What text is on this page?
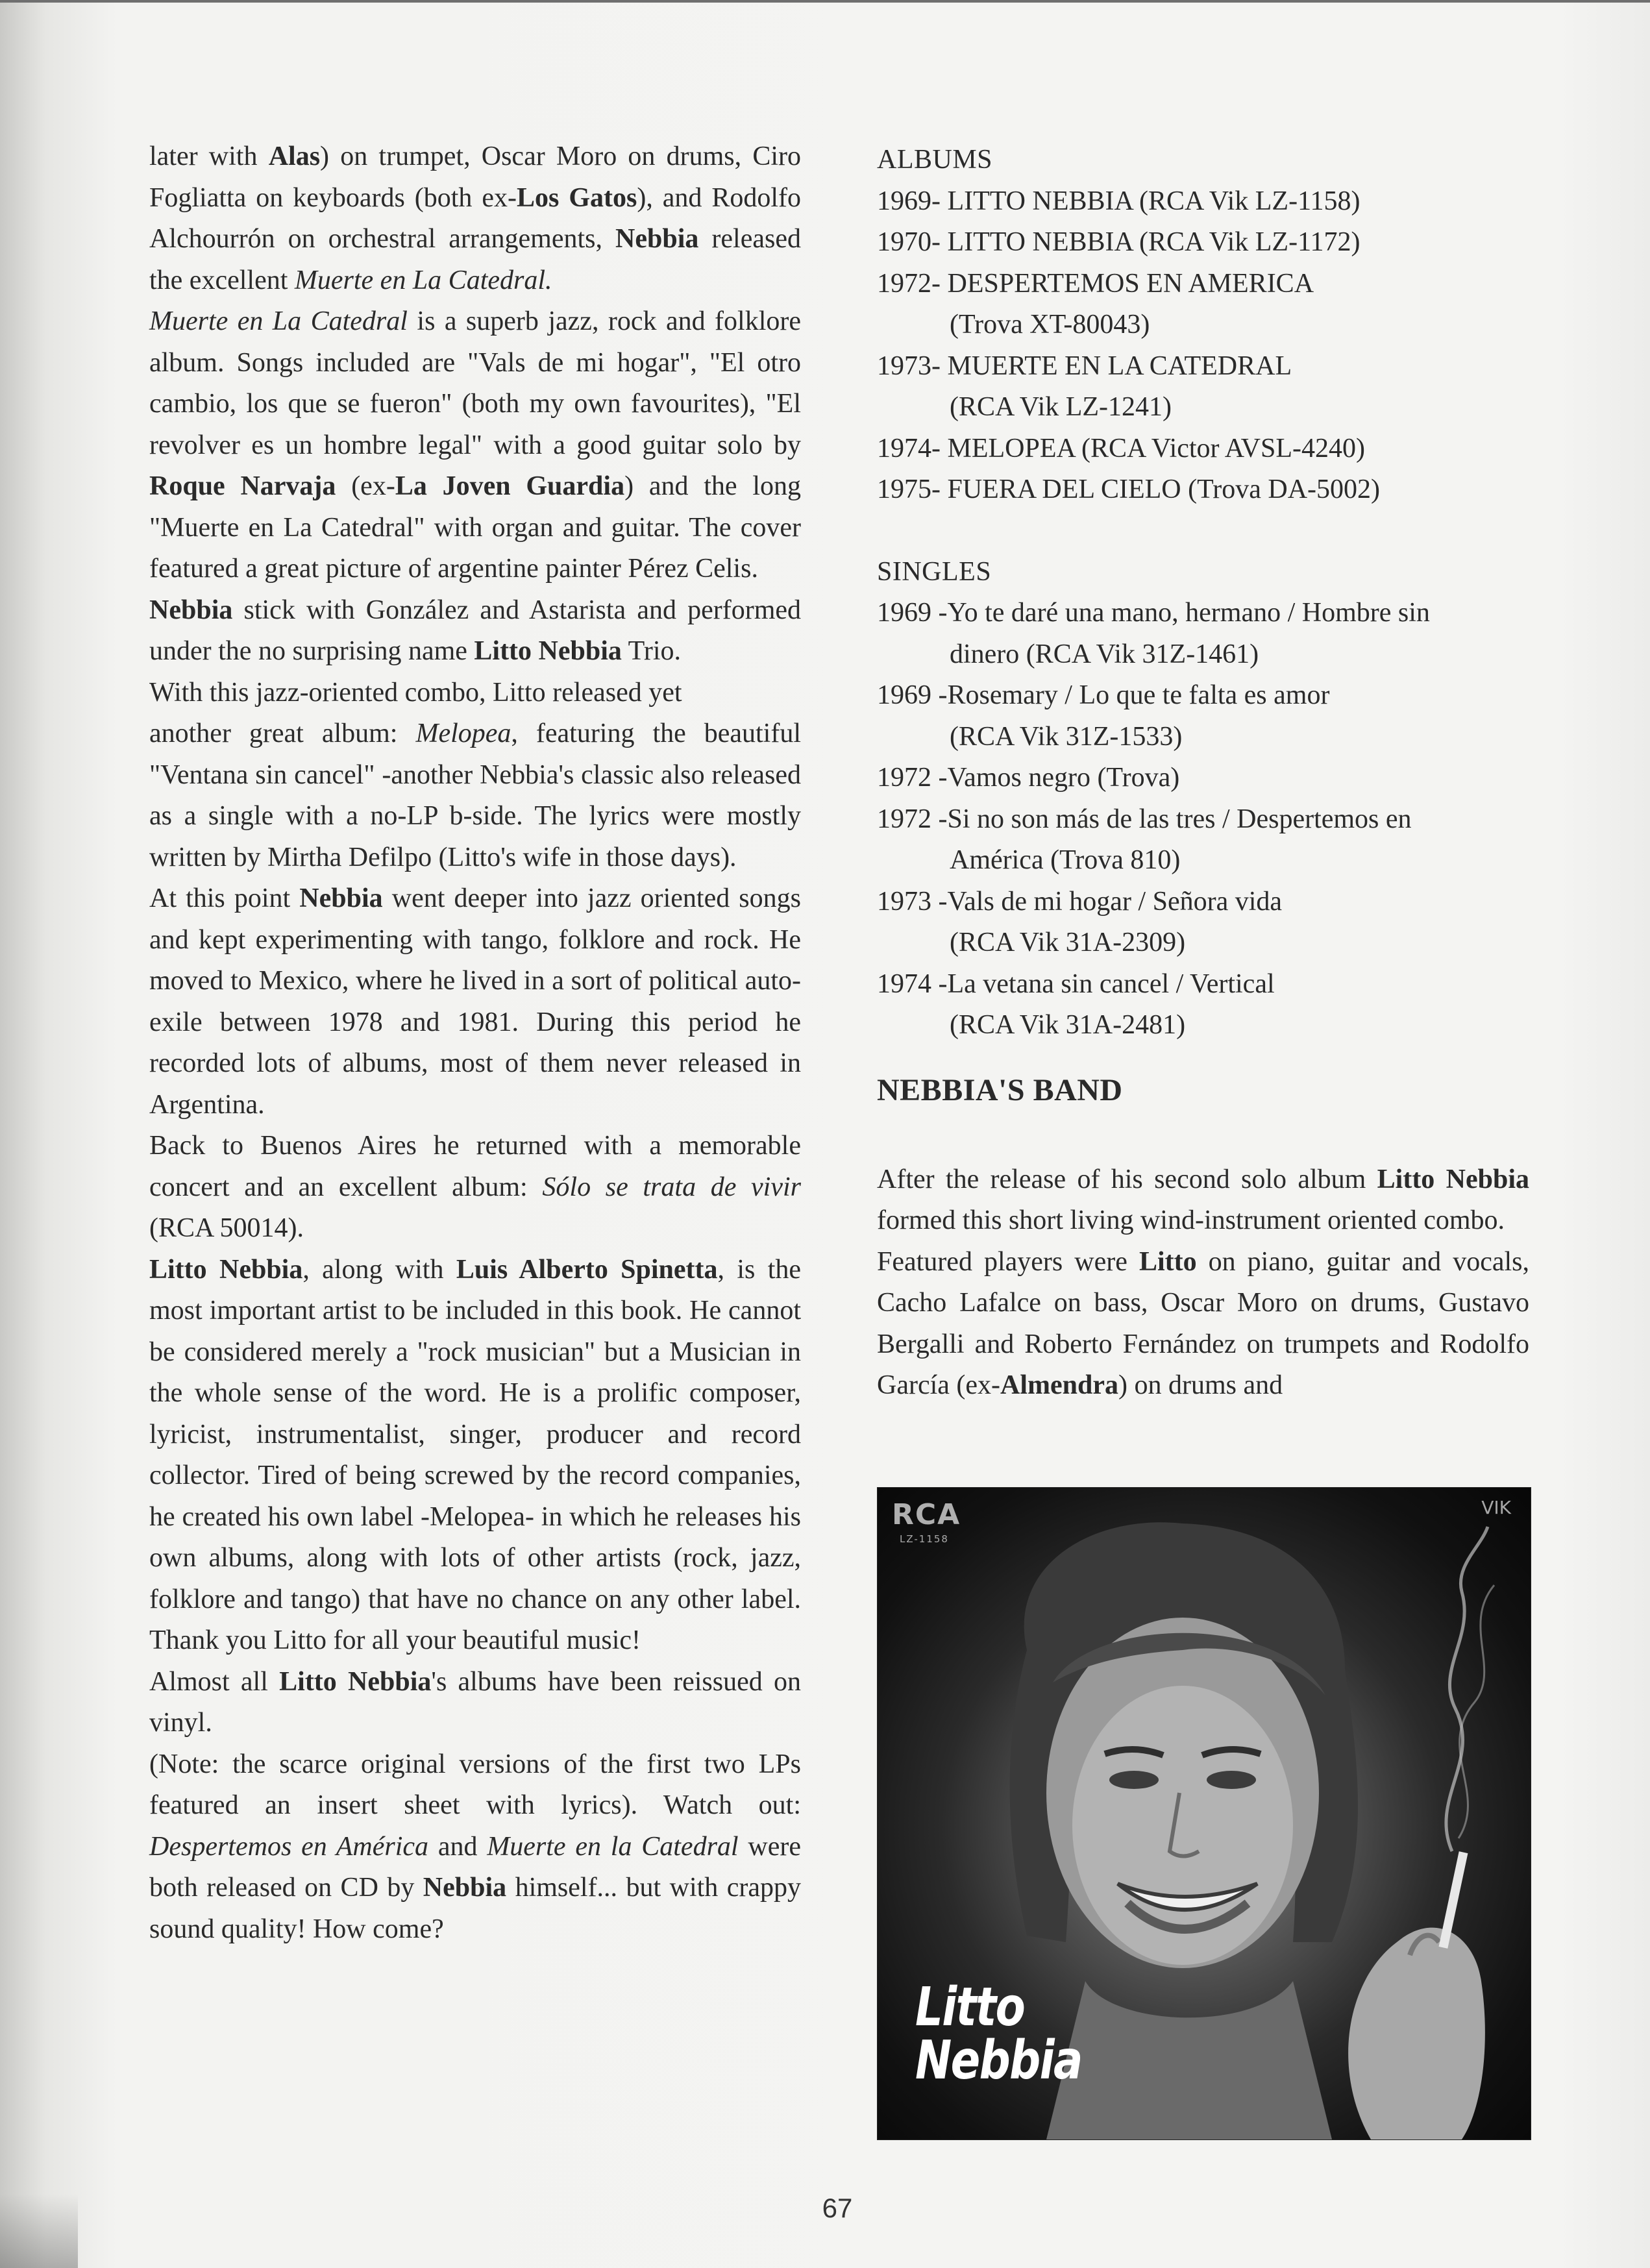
later with Alas) on trumpet, Oscar Moro on drums, Ciro Fogliatta on keyboards (both ex-Los Gatos), and Rodolfo Alchourrón on orchestral arrangements, Nebbia released the excellent Muerte en La Catedral.

Muerte en La Catedral is a superb jazz, rock and folklore album. Songs included are "Vals de mi hogar", "El otro cambio, los que se fueron" (both my own favourites), "El revolver es un hombre legal" with a good guitar solo by Roque Narvaja (ex-La Joven Guardia) and the long "Muerte en La Catedral" with organ and guitar. The cover featured a great picture of argentine painter Pérez Celis.

Nebbia stick with González and Astarista and performed under the no surprising name Litto Nebbia Trio.

With this jazz-oriented combo, Litto released yet

another great album: Melopea, featuring the beautiful "Ventana sin cancel" -another Nebbia's classic also released as a single with a no-LP b-side. The lyrics were mostly written by Mirtha Defilpo (Litto's wife in those days).

At this point Nebbia went deeper into jazz oriented songs and kept experimenting with tango, folklore and rock. He moved to Mexico, where he lived in a sort of political auto-exile between 1978 and 1981. During this period he recorded lots of albums, most of them never released in Argentina.

Back to Buenos Aires he returned with a memorable concert and an excellent album: Sólo se trata de vivir (RCA 50014).

Litto Nebbia, along with Luis Alberto Spinetta, is the most important artist to be included in this book. He cannot be considered merely a "rock musician" but a Musician in the whole sense of the word. He is a prolific composer, lyricist, instrumentalist, singer, producer and record collector. Tired of being screwed by the record companies, he created his own label -Melopea- in which he releases his own albums, along with lots of other artists (rock, jazz, folklore and tango) that have no chance on any other label. Thank you Litto for all your beautiful music!

Almost all Litto Nebbia's albums have been reissued on vinyl.

(Note: the scarce original versions of the first two LPs featured an insert sheet with lyrics). Watch out: Despertemos en América and Muerte en la Catedral were both released on CD by Nebbia himself... but with crappy sound quality! How come?

ALBUMS

1969- LITTO NEBBIA (RCA Vik LZ-1158)

1970- LITTO NEBBIA (RCA Vik LZ-1172)

1972- DESPERTEMOS EN AMERICA
(Trova XT-80043)

1973- MUERTE EN LA CATEDRAL
(RCA Vik LZ-1241)

1974- MELOPEA (RCA Victor AVSL-4240)

1975- FUERA DEL CIELO (Trova DA-5002)

SINGLES

1969 -Yo te daré una mano, hermano / Hombre sin
dinero (RCA Vik 31Z-1461)

1969 -Rosemary / Lo que te falta es amor
(RCA Vik 31Z-1533)

1972 -Vamos negro (Trova)

1972 -Si no son más de las tres / Despertemos en
América (Trova 810)

1973 -Vals de mi hogar / Señora vida
(RCA Vik 31A-2309)

1974 -La vetana sin cancel / Vertical
(RCA Vik 31A-2481)

NEBBIA'S BAND

After the release of his second solo album Litto Nebbia formed this short living wind-instrument oriented combo.

Featured players were Litto on piano, guitar and vocals, Cacho Lafalce on bass, Oscar Moro on drums, Gustavo Bergalli and Roberto Fernández on trumpets and Rodolfo García (ex-Almendra) on drums and

RCA
LZ-1158
VIK
Litto
Nebbia
67
